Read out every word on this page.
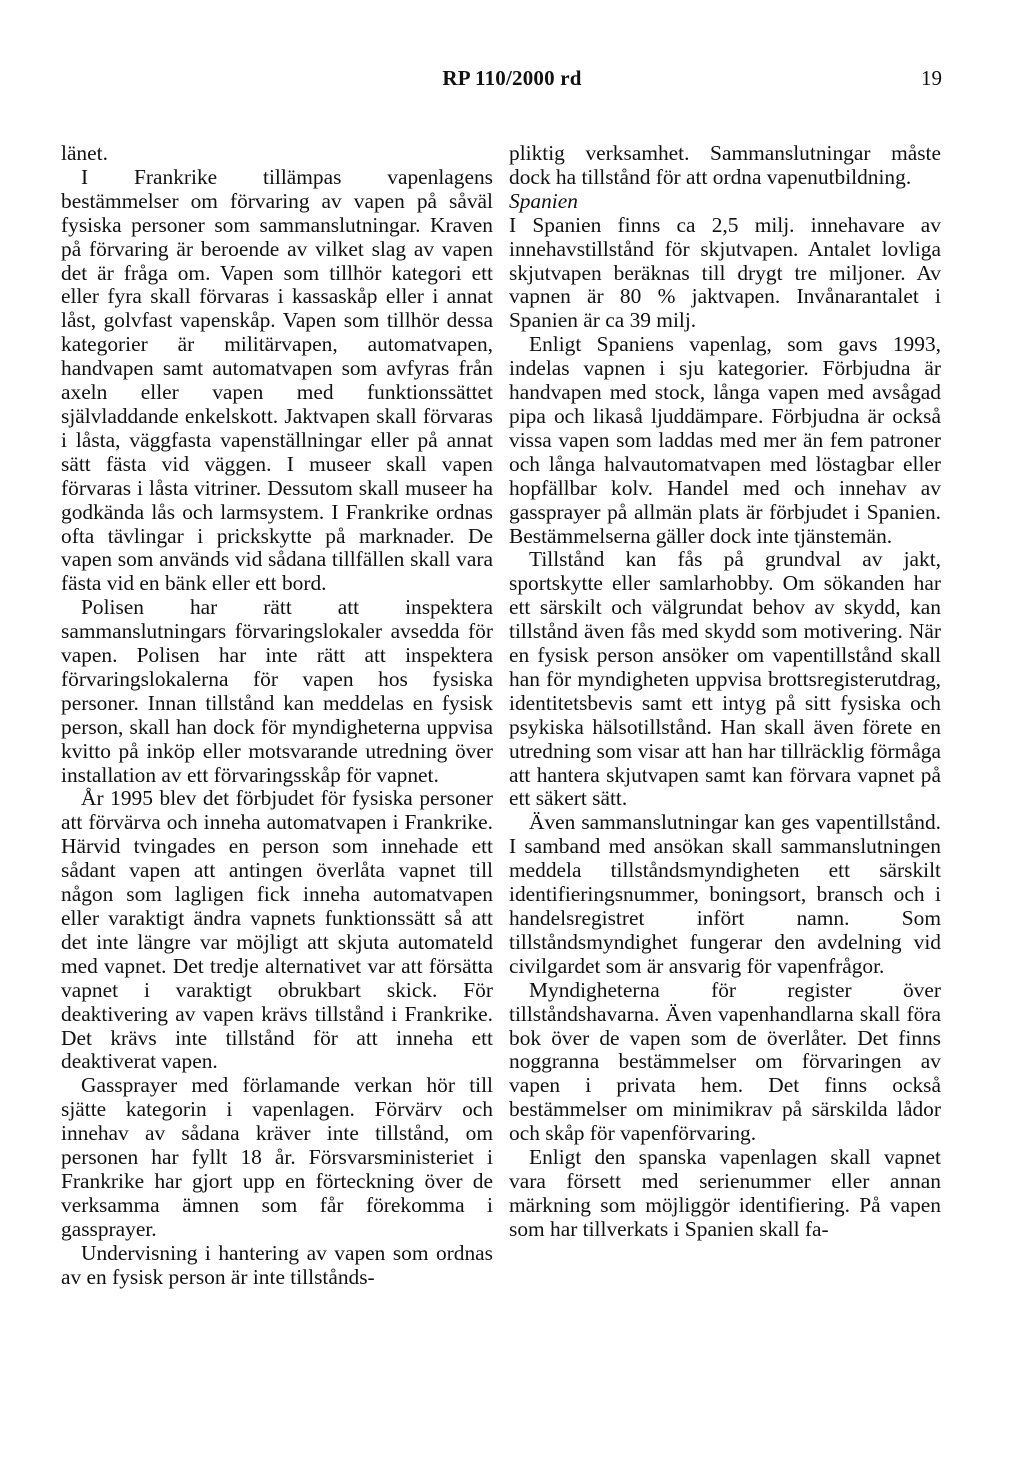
RP 110/2000 rd	19

länet.

I Frankrike tillämpas vapenlagens bestämmelser om förvaring av vapen på såväl fysiska personer som sammanslutningar. Kraven på förvaring är beroende av vilket slag av vapen det är fråga om. Vapen som tillhör kategori ett eller fyra skall förvaras i kassaskåp eller i annat låst, golvfast vapenskåp. Vapen som tillhör dessa kategorier är militärvapen, automatvapen, handvapen samt automatvapen som avfyras från axeln eller vapen med funktionssättet självladdande enkelskott. Jaktvapen skall förvaras i låsta, väggfasta vapenställningar eller på annat sätt fästa vid väggen. I museer skall vapen förvaras i låsta vitriner. Dessutom skall museer ha godkända lås och larmsystem. I Frankrike ordnas ofta tävlingar i prickskytte på marknader. De vapen som används vid sådana tillfällen skall vara fästa vid en bänk eller ett bord.

Polisen har rätt att inspektera sammanslutningars förvaringslokaler avsedda för vapen. Polisen har inte rätt att inspektera förvaringslokalerna för vapen hos fysiska personer. Innan tillstånd kan meddelas en fysisk person, skall han dock för myndigheterna uppvisa kvitto på inköp eller motsvarande utredning över installation av ett förvaringsskåp för vapnet.

År 1995 blev det förbjudet för fysiska personer att förvärva och inneha automatvapen i Frankrike. Härvid tvingades en person som innehade ett sådant vapen att antingen överlåta vapnet till någon som lagligen fick inneha automatvapen eller varaktigt ändra vapnets funktionssätt så att det inte längre var möjligt att skjuta automateld med vapnet. Det tredje alternativet var att försätta vapnet i varaktigt obrukbart skick. För deaktivering av vapen krävs tillstånd i Frankrike. Det krävs inte tillstånd för att inneha ett deaktiverat vapen.

Gassprayer med förlamande verkan hör till sjätte kategorin i vapenlagen. Förvärv och innehav av sådana kräver inte tillstånd, om personen har fyllt 18 år. Försvarsministeriet i Frankrike har gjort upp en förteckning över de verksamma ämnen som får förekomma i gassprayer.

Undervisning i hantering av vapen som ordnas av en fysisk person är inte tillstånds-

pliktig verksamhet. Sammanslutningar måste dock ha tillstånd för att ordna vapenutbildning.

Spanien

I Spanien finns ca 2,5 milj. innehavare av innehavstillstånd för skjutvapen. Antalet lovliga skjutvapen beräknas till drygt tre miljoner. Av vapnen är 80 % jaktvapen. Invånarantalet i Spanien är ca 39 milj.

Enligt Spaniens vapenlag, som gavs 1993, indelas vapnen i sju kategorier. Förbjudna är handvapen med stock, långa vapen med avsågad pipa och likaså ljuddämpare. Förbjudna är också vissa vapen som laddas med mer än fem patroner och långa halvautomatvapen med löstagbar eller hopfällbar kolv. Handel med och innehav av gassprayer på allmän plats är förbjudet i Spanien. Bestämmelserna gäller dock inte tjänstemän.

Tillstånd kan fås på grundval av jakt, sportskytte eller samlarhobby. Om sökanden har ett särskilt och välgrundat behov av skydd, kan tillstånd även fås med skydd som motivering. När en fysisk person ansöker om vapentillstånd skall han för myndigheten uppvisa brottsregisterutdrag, identitetsbevis samt ett intyg på sitt fysiska och psykiska hälsotillstånd. Han skall även förete en utredning som visar att han har tillräcklig förmåga att hantera skjutvapen samt kan förvara vapnet på ett säkert sätt.

Även sammanslutningar kan ges vapentillstånd. I samband med ansökan skall sammanslutningen meddela tillståndsmyndigheten ett särskilt identifieringsnummer, boningsort, bransch och i handelsregistret infört namn. Som tillståndsmyndighet fungerar den avdelning vid civilgardet som är ansvarig för vapenfrågor.

Myndigheterna för register över tillståndshavarna. Även vapenhandlarna skall föra bok över de vapen som de överlåter. Det finns noggranna bestämmelser om förvaringen av vapen i privata hem. Det finns också bestämmelser om minimikrav på särskilda lådor och skåp för vapenförvaring.

Enligt den spanska vapenlagen skall vapnet vara försett med serienummer eller annan märkning som möjliggör identifiering. På vapen som har tillverkats i Spanien skall fa-
